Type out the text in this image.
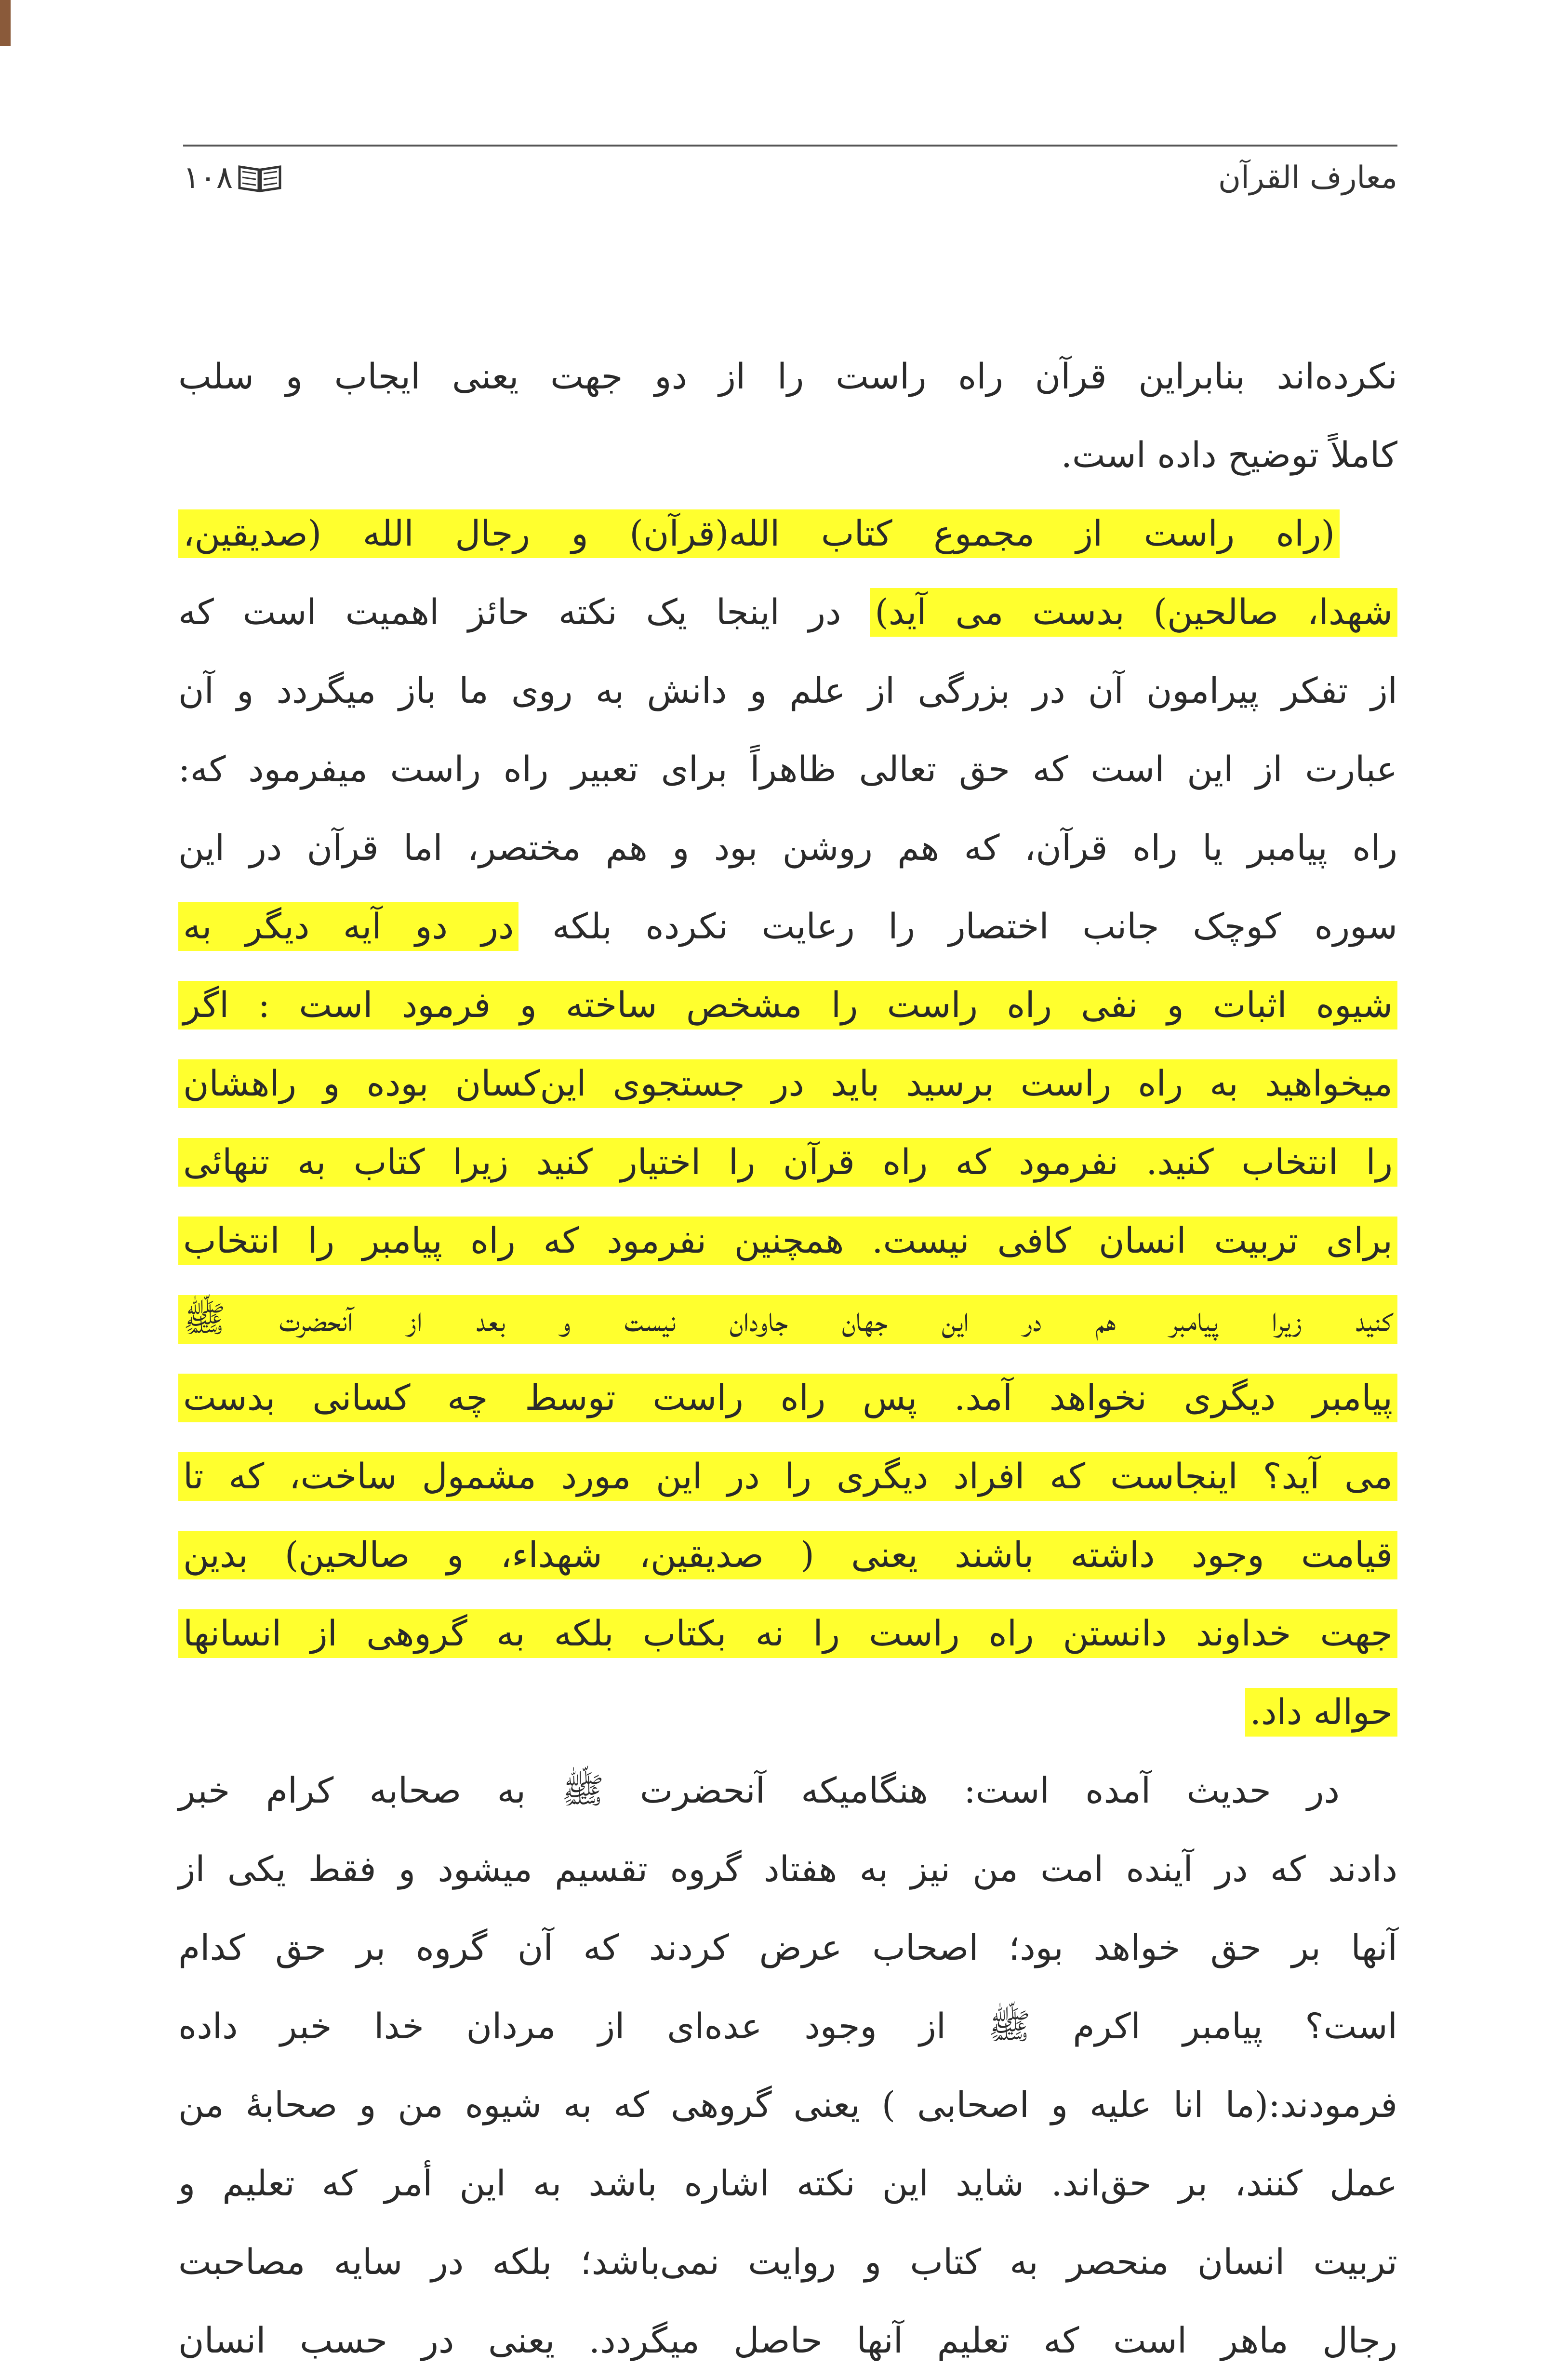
معارف القرآن
۱۰۸
نکرده‌اند بنابراین قرآن راه راست را از دو جهت یعنی ایجاب و سلب
کاملاً توضیح داده است.
(راه راست از مجموع کتاب الله(قرآن) و رجال الله (صدیقین،
شهدا، صالحین) بدست می آید) در اینجا یک نکته حائز اهمیت است که
از تفکر پیرامون آن در بزرگی از علم و دانش به روی ما باز میگردد و آن
عبارت از این است که حق تعالی ظاهراً برای تعبیر راه راست میفرمود که:
راه پیامبر یا راه قرآن، که هم روشن بود و هم مختصر، اما قرآن در این
سوره کوچک جانب اختصار را رعایت نکرده بلکه در دو آیه دیگر به
شیوه اثبات و نفی راه راست را مشخص ساخته و فرمود است : اگر
میخواهید به راه راست برسید باید در جستجوی این‌کسان بوده و راهشان
را انتخاب کنید. نفرمود که راه قرآن را اختیار کنید زیرا کتاب به تنهائی
برای تربیت انسان کافی نیست. همچنین نفرمود که راه پیامبر را انتخاب
کنید زیرا پیامبر هم در این جهان جاودان نیست و بعد از آنحضرت ﷺ
پیامبر دیگری نخواهد آمد. پس راه راست توسط چه کسانی بدست
می آید؟ اینجاست که افراد دیگری را در این مورد مشمول ساخت، که تا
قیامت وجود داشته باشند یعنی ( صدیقین، شهداء، و صالحین) بدین
جهت خداوند دانستن راه راست را نه بکتاب بلکه به گروهی از انسانها
حواله داد.
در حدیث آمده است: هنگامیکه آنحضرت ﷺ به صحابه کرام خبر
دادند که در آینده امت من نیز به هفتاد گروه تقسیم میشود و فقط یکی از
آنها بر حق خواهد بود؛ اصحاب عرض کردند که آن گروه بر حق کدام
است؟ پیامبر اکرم ﷺ از وجود عده‌ای از مردان خدا خبر داده
فرمودند:(ما انا علیه و اصحابی ) یعنی گروهی که به شیوه من و صحابهٔ من
عمل کنند، بر حق‌اند. شاید این نکته اشاره باشد به این أمر که تعلیم و
تربیت انسان منحصر به کتاب و روایت نمی‌باشد؛ بلکه در سایه مصاحبت
رجال ماهر است که تعلیم آنها حاصل میگردد. یعنی در حسب انسان
